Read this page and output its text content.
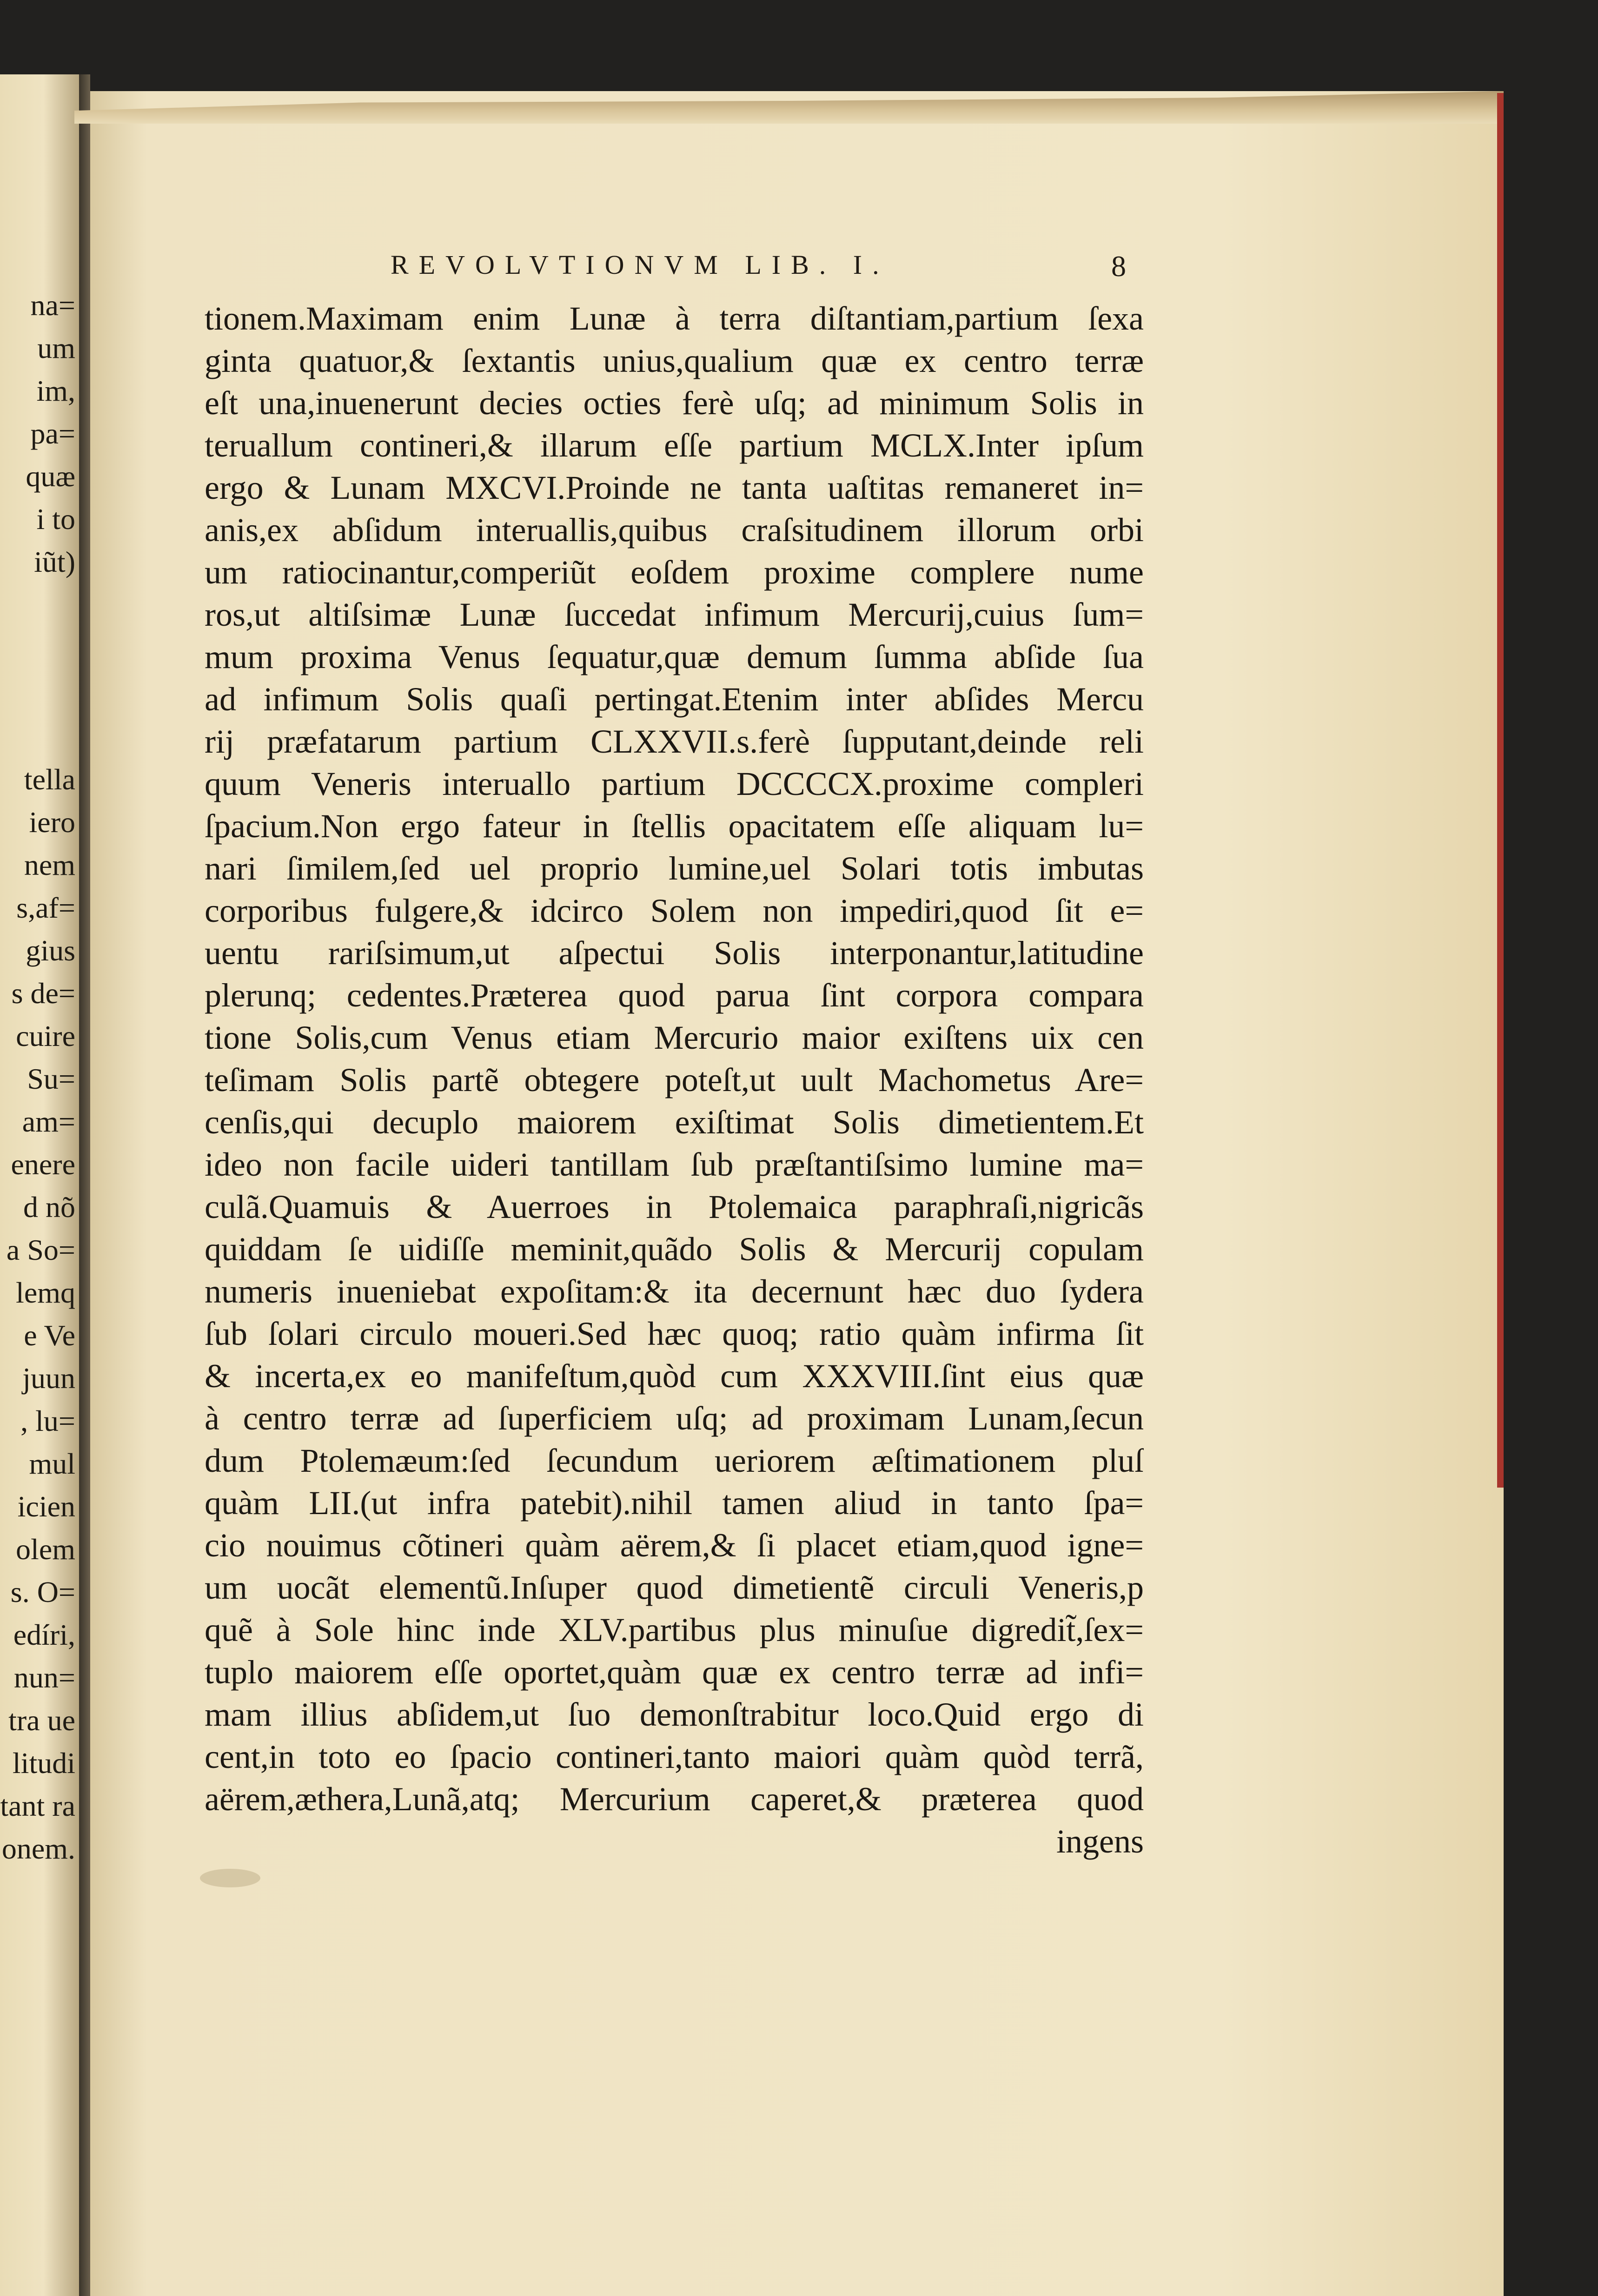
na=

um

im,

pa=

quæ

i to

iũt)

tella

iero

nem

s,af=

gius

s de=

cuire

Su=

am=

enere

d nõ

a So=

lemq

e Ve

juun

, lu=

mul

icien

olem

s. O=

edíri,

nun=

tra ue

litudi

tant ra

onem.

REVOLVTIONVM LIB. I.	8

tionem.Maximam enim Lunæ à terra diſtantiam,partium ſexa
ginta quatuor,& ſextantis unius,qualium quæ ex centro terræ
eſt una,inuenerunt decies octies ferè uſq; ad minimum Solis in
teruallum contineri,& illarum eſſe partium MCLX.Inter ipſum
ergo & Lunam MXCVI.Proinde ne tanta uaſtitas remaneret in=
anis,ex abſidum interuallis,quibus craſsitudinem illorum orbi
um ratiocinantur,comperiũt eoſdem proxime complere nume
ros,ut altiſsimæ Lunæ ſuccedat infimum Mercurij,cuius ſum=
mum proxima Venus ſequatur,quæ demum ſumma abſide ſua
ad infimum Solis quaſi pertingat.Etenim inter abſides Mercu
rij præfatarum partium CLXXVII.s.ferè ſupputant,deinde reli
quum Veneris interuallo partium DCCCCX.proxime compleri
ſpacium.Non ergo fateur in ſtellis opacitatem eſſe aliquam lu=
nari ſimilem,ſed uel proprio lumine,uel Solari totis imbutas
corporibus fulgere,& idcirco Solem non impediri,quod ſit e=
uentu rariſsimum,ut aſpectui Solis interponantur,latitudine
plerunq; cedentes.Præterea quod parua ſint corpora compara
tione Solis,cum Venus etiam Mercurio maior exiſtens uix cen
teſimam Solis partẽ obtegere poteſt,ut uult Machometus Are=
cenſis,qui decuplo maiorem exiſtimat Solis dimetientem.Et
ideo non facile uideri tantillam ſub præſtantiſsimo lumine ma=
culã.Quamuis & Auerroes in Ptolemaica paraphraſi,nigricãs
quiddam ſe uidiſſe meminit,quãdo Solis & Mercurij copulam
numeris inueniebat expoſitam:& ita decernunt hæc duo ſydera
ſub ſolari circulo moueri.Sed hæc quoq; ratio quàm infirma ſit
& incerta,ex eo manifeſtum,quòd cum XXXVIII.ſint eius quæ
à centro terræ ad ſuperficiem uſq; ad proximam Lunam,ſecun
dum Ptolemæum:ſed ſecundum ueriorem æſtimationem pluſ
quàm LII.(ut infra patebit).nihil tamen aliud in tanto ſpa=
cio nouimus cõtineri quàm aërem,& ſi placet etiam,quod igne=
um uocãt elementũ.Inſuper quod dimetientẽ circuli Veneris,p
quẽ à Sole hinc inde XLV.partibus plus minuſue digredit̃,ſex=
tuplo maiorem eſſe oportet,quàm quæ ex centro terræ ad infi=
mam illius abſidem,ut ſuo demonſtrabitur loco.Quid ergo di
cent,in toto eo ſpacio contineri,tanto maiori quàm quòd terrã,
aërem,æthera,Lunã,atq; Mercurium caperet,& præterea quod
ingens
